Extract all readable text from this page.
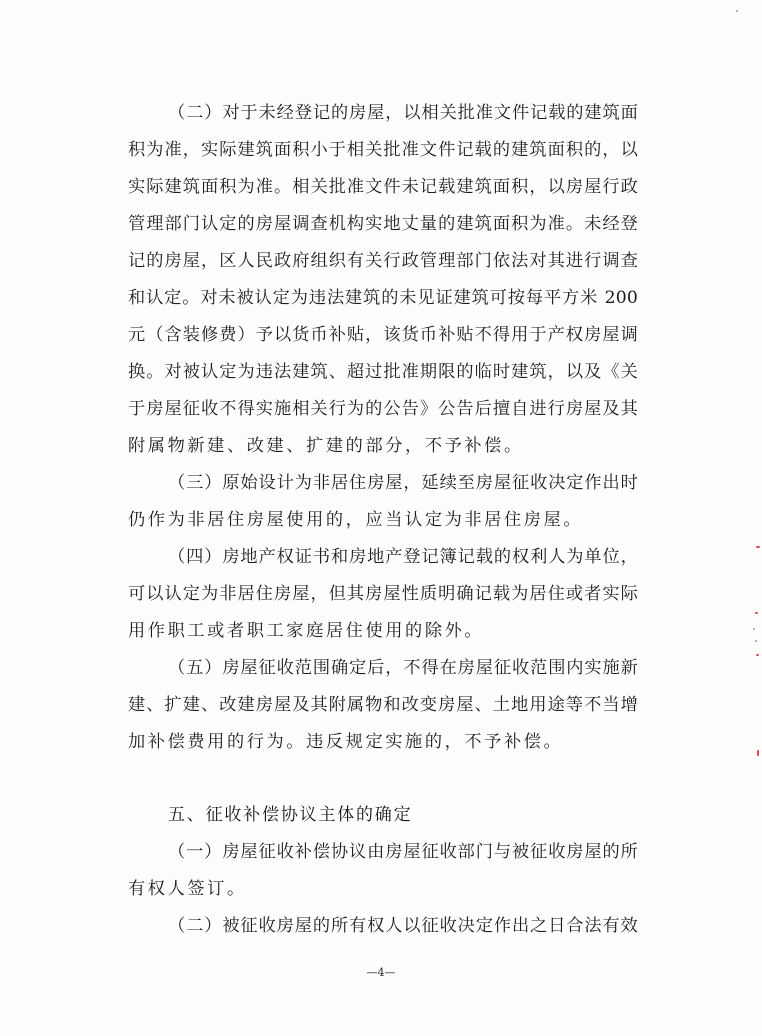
（二）对于未经登记的房屋，以相关批准文件记载的建筑面
积为准，实际建筑面积小于相关批准文件记载的建筑面积的，以
实际建筑面积为准。相关批准文件未记载建筑面积，以房屋行政
管理部门认定的房屋调查机构实地丈量的建筑面积为准。未经登
记的房屋，区人民政府组织有关行政管理部门依法对其进行调查
和认定。对未被认定为违法建筑的未见证建筑可按每平方米 200
元（含装修费）予以货币补贴，该货币补贴不得用于产权房屋调
换。对被认定为违法建筑、超过批准期限的临时建筑，以及《关
于房屋征收不得实施相关行为的公告》公告后擅自进行房屋及其
附属物新建、改建、扩建的部分，不予补偿。
（三）原始设计为非居住房屋，延续至房屋征收决定作出时
仍作为非居住房屋使用的，应当认定为非居住房屋。
（四）房地产权证书和房地产登记簿记载的权利人为单位，
可以认定为非居住房屋，但其房屋性质明确记载为居住或者实际
用作职工或者职工家庭居住使用的除外。
（五）房屋征收范围确定后，不得在房屋征收范围内实施新
建、扩建、改建房屋及其附属物和改变房屋、土地用途等不当增
加补偿费用的行为。违反规定实施的，不予补偿。
五、征收补偿协议主体的确定
（一）房屋征收补偿协议由房屋征收部门与被征收房屋的所
有权人签订。
（二）被征收房屋的所有权人以征收决定作出之日合法有效
—4—
